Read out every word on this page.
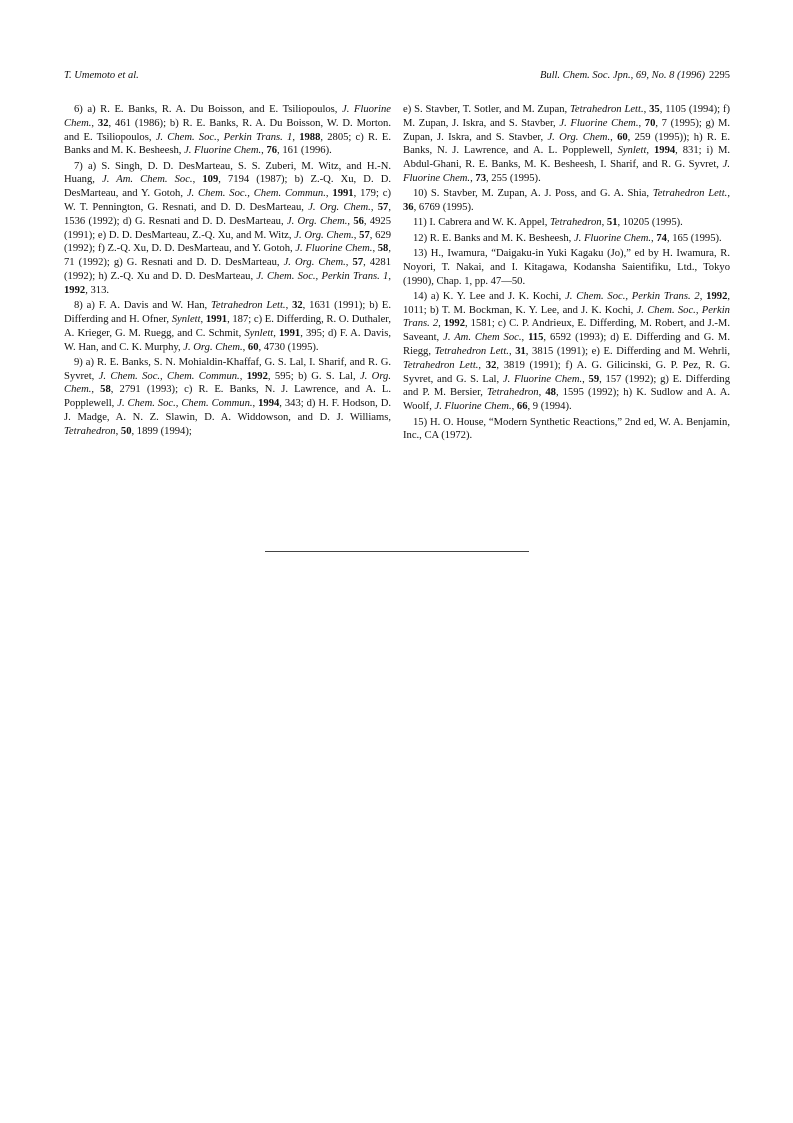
T. Umemoto et al.	Bull. Chem. Soc. Jpn., 69, No. 8 (1996) 2295

6) a) R. E. Banks, R. A. Du Boisson, and E. Tsiliopoulos, J. Fluorine Chem., 32, 461 (1986); b) R. E. Banks, R. A. Du Boisson, W. D. Morton. and E. Tsiliopoulos, J. Chem. Soc., Perkin Trans. 1, 1988, 2805; c) R. E. Banks and M. K. Besheesh, J. Fluorine Chem., 76, 161 (1996).

7) a) S. Singh, D. D. DesMarteau, S. S. Zuberi, M. Witz, and H.-N. Huang, J. Am. Chem. Soc., 109, 7194 (1987); b) Z.-Q. Xu, D. D. DesMarteau, and Y. Gotoh, J. Chem. Soc., Chem. Commun., 1991, 179; c) W. T. Pennington, G. Resnati, and D. D. DesMarteau, J. Org. Chem., 57, 1536 (1992); d) G. Resnati and D. D. DesMarteau, J. Org. Chem., 56, 4925 (1991); e) D. D. DesMarteau, Z.-Q. Xu, and M. Witz, J. Org. Chem., 57, 629 (1992); f) Z.-Q. Xu, D. D. DesMarteau, and Y. Gotoh, J. Fluorine Chem., 58, 71 (1992); g) G. Resnati and D. D. DesMarteau, J. Org. Chem., 57, 4281 (1992); h) Z.-Q. Xu and D. D. DesMarteau, J. Chem. Soc., Perkin Trans. 1, 1992, 313.

8) a) F. A. Davis and W. Han, Tetrahedron Lett., 32, 1631 (1991); b) E. Differding and H. Ofner, Synlett, 1991, 187; c) E. Differding, R. O. Duthaler, A. Krieger, G. M. Ruegg, and C. Schmit, Synlett, 1991, 395; d) F. A. Davis, W. Han, and C. K. Murphy, J. Org. Chem., 60, 4730 (1995).

9) a) R. E. Banks, S. N. Mohialdin-Khaffaf, G. S. Lal, I. Sharif, and R. G. Syvret, J. Chem. Soc., Chem. Commun., 1992, 595; b) G. S. Lal, J. Org. Chem., 58, 2791 (1993); c) R. E. Banks, N. J. Lawrence, and A. L. Popplewell, J. Chem. Soc., Chem. Commun., 1994, 343; d) H. F. Hodson, D. J. Madge, A. N. Z. Slawin, D. A. Widdowson, and D. J. Williams, Tetrahedron, 50, 1899 (1994);

e) S. Stavber, T. Sotler, and M. Zupan, Tetrahedron Lett., 35, 1105 (1994); f) M. Zupan, J. Iskra, and S. Stavber, J. Fluorine Chem., 70, 7 (1995); g) M. Zupan, J. Iskra, and S. Stavber, J. Org. Chem., 60, 259 (1995)); h) R. E. Banks, N. J. Lawrence, and A. L. Popplewell, Synlett, 1994, 831; i) M. Abdul-Ghani, R. E. Banks, M. K. Besheesh, I. Sharif, and R. G. Syvret, J. Fluorine Chem., 73, 255 (1995).

10) S. Stavber, M. Zupan, A. J. Poss, and G. A. Shia, Tetrahedron Lett., 36, 6769 (1995).

11) I. Cabrera and W. K. Appel, Tetrahedron, 51, 10205 (1995).

12) R. E. Banks and M. K. Besheesh, J. Fluorine Chem., 74, 165 (1995).

13) H., Iwamura, “Daigaku-in Yuki Kagaku (Jo),” ed by H. Iwamura, R. Noyori, T. Nakai, and I. Kitagawa, Kodansha Saientifiku, Ltd., Tokyo (1990), Chap. 1, pp. 47—50.

14) a) K. Y. Lee and J. K. Kochi, J. Chem. Soc., Perkin Trans. 2, 1992, 1011; b) T. M. Bockman, K. Y. Lee, and J. K. Kochi, J. Chem. Soc., Perkin Trans. 2, 1992, 1581; c) C. P. Andrieux, E. Differding, M. Robert, and J.-M. Saveant, J. Am. Chem Soc., 115, 6592 (1993); d) E. Differding and G. M. Riegg, Tetrahedron Lett., 31, 3815 (1991); e) E. Differding and M. Wehrli, Tetrahedron Lett., 32, 3819 (1991); f) A. G. Gilicinski, G. P. Pez, R. G. Syvret, and G. S. Lal, J. Fluorine Chem., 59, 157 (1992); g) E. Differding and P. M. Bersier, Tetrahedron, 48, 1595 (1992); h) K. Sudlow and A. A. Woolf, J. Fluorine Chem., 66, 9 (1994).

15) H. O. House, “Modern Synthetic Reactions,” 2nd ed, W. A. Benjamin, Inc., CA (1972).
